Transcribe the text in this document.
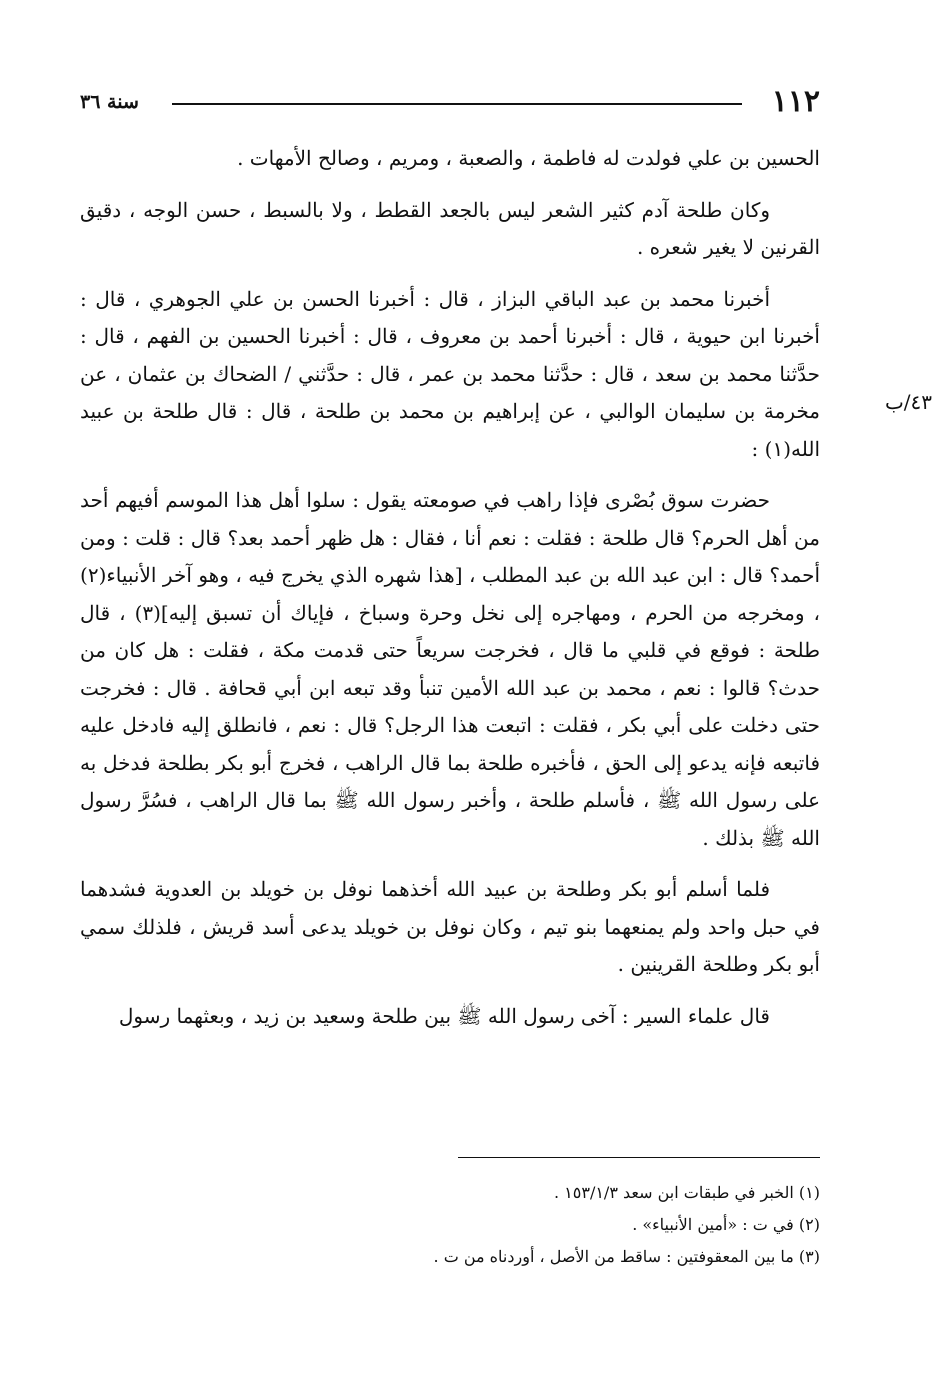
سنة ٣٦	١١٢
٤٣/ب

الحسين بن علي فولدت له فاطمة ، والصعبة ، ومريم ، وصالح الأمهات .

وكان طلحة آدم كثير الشعر ليس بالجعد القطط ، ولا بالسبط ، حسن الوجه ، دقيق القرنين لا يغير شعره .

أخبرنا محمد بن عبد الباقي البزاز ، قال : أخبرنا الحسن بن علي الجوهري ، قال : أخبرنا ابن حيوية ، قال : أخبرنا أحمد بن معروف ، قال : أخبرنا الحسين بن الفهم ، قال : حدَّثنا محمد بن سعد ، قال : حدَّثنا محمد بن عمر ، قال : حدَّثني / الضحاك بن عثمان ، عن مخرمة بن سليمان الوالبي ، عن إبراهيم بن محمد بن طلحة ، قال : قال طلحة بن عبيد الله(١) :

حضرت سوق بُصْرى فإذا راهب في صومعته يقول : سلوا أهل هذا الموسم أفيهم أحد من أهل الحرم؟ قال طلحة : فقلت : نعم أنا ، فقال : هل ظهر أحمد بعد؟ قال : قلت : ومن أحمد؟ قال : ابن عبد الله بن عبد المطلب ، [هذا شهره الذي يخرج فيه ، وهو آخر الأنبياء(٢) ، ومخرجه من الحرم ، ومهاجره إلى نخل وحرة وسباخ ، فإياك أن تسبق إليه](٣) ، قال طلحة : فوقع في قلبي ما قال ، فخرجت سريعاً حتى قدمت مكة ، فقلت : هل كان من حدث؟ قالوا : نعم ، محمد بن عبد الله الأمين تنبأ وقد تبعه ابن أبي قحافة . قال : فخرجت حتى دخلت على أبي بكر ، فقلت : اتبعت هذا الرجل؟ قال : نعم ، فانطلق إليه فادخل عليه فاتبعه فإنه يدعو إلى الحق ، فأخبره طلحة بما قال الراهب ، فخرج أبو بكر بطلحة فدخل به على رسول الله ﷺ ، فأسلم طلحة ، وأخبر رسول الله ﷺ بما قال الراهب ، فسُرَّ رسول الله ﷺ بذلك .

فلما أسلم أبو بكر وطلحة بن عبيد الله أخذهما نوفل بن خويلد بن العدوية فشدهما في حبل واحد ولم يمنعهما بنو تيم ، وكان نوفل بن خويلد يدعى أسد قريش ، فلذلك سمي أبو بكر وطلحة القرينين .

قال علماء السير : آخى رسول الله ﷺ بين طلحة وسعيد بن زيد ، وبعثهما رسول

(١) الخبر في طبقات ابن سعد ١٥٣/١/٣ .
(٢) في ت : «أمين الأنبياء» .
(٣) ما بين المعقوفتين : ساقط من الأصل ، أوردناه من ت .
